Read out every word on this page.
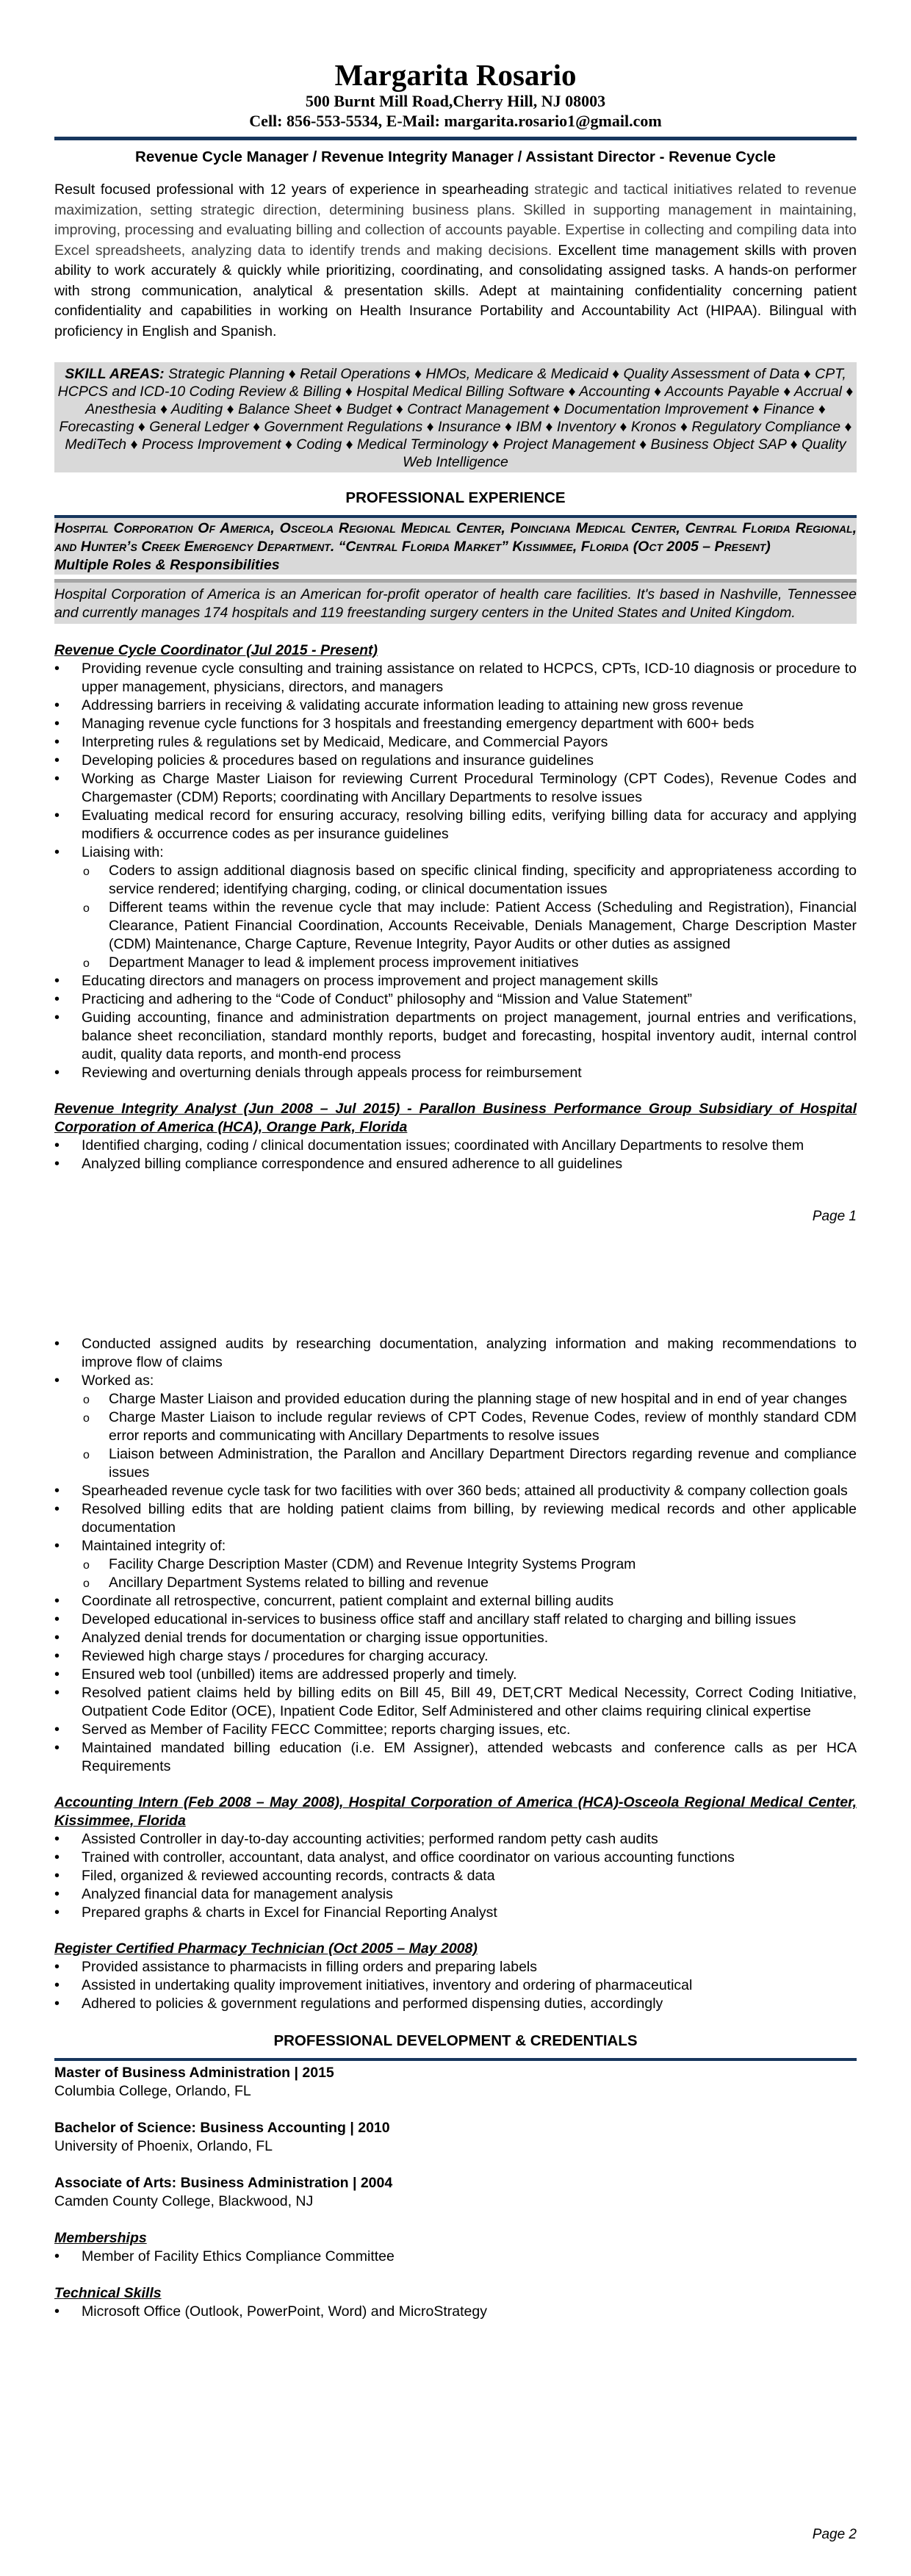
Margarita Rosario
500 Burnt Mill Road,Cherry Hill, NJ 08003
Cell: 856-553-5534, E-Mail: margarita.rosario1@gmail.com
Revenue Cycle Manager / Revenue Integrity Manager / Assistant Director - Revenue Cycle

Result focused professional with 12 years of experience in spearheading strategic and tactical initiatives related to revenue maximization, setting strategic direction, determining business plans. Skilled in supporting management in maintaining, improving, processing and evaluating billing and collection of accounts payable. Expertise in collecting and compiling data into Excel spreadsheets, analyzing data to identify trends and making decisions. Excellent time management skills with proven ability to work accurately & quickly while prioritizing, coordinating, and consolidating assigned tasks. A hands-on performer with strong communication, analytical & presentation skills. Adept at maintaining confidentiality concerning patient confidentiality and capabilities in working on Health Insurance Portability and Accountability Act (HIPAA). Bilingual with proficiency in English and Spanish.

SKILL AREAS: Strategic Planning ♦ Retail Operations ♦ HMOs, Medicare & Medicaid ♦ Quality Assessment of Data ♦ CPT, HCPCS and ICD-10 Coding Review & Billing ♦ Hospital Medical Billing Software ♦ Accounting ♦ Accounts Payable ♦ Accrual ♦ Anesthesia ♦ Auditing ♦ Balance Sheet ♦ Budget ♦ Contract Management ♦ Documentation Improvement ♦ Finance ♦ Forecasting ♦ General Ledger ♦ Government Regulations ♦ Insurance ♦ IBM ♦ Inventory ♦ Kronos ♦ Regulatory Compliance ♦ MediTech ♦ Process Improvement ♦ Coding ♦ Medical Terminology ♦ Project Management ♦ Business Object SAP ♦ Quality Web Intelligence
PROFESSIONAL EXPERIENCE
Hospital Corporation Of America, Osceola Regional Medical Center, Poinciana Medical Center, Central Florida Regional, and Hunter’s Creek Emergency Department. “Central Florida Market” Kissimmee, Florida (Oct 2005 – Present)
Multiple Roles & Responsibilities
Hospital Corporation of America is an American for-profit operator of health care facilities. It's based in Nashville, Tennessee and currently manages 174 hospitals and 119 freestanding surgery centers in the United States and United Kingdom.
Revenue Cycle Coordinator (Jul 2015 - Present)
• Providing revenue cycle consulting and training assistance on related to HCPCS, CPTs, ICD-10 diagnosis or procedure to upper management, physicians, directors, and managers
• Addressing barriers in receiving & validating accurate information leading to attaining new gross revenue
• Managing revenue cycle functions for 3 hospitals and freestanding emergency department with 600+ beds
• Interpreting rules & regulations set by Medicaid, Medicare, and Commercial Payors
• Developing policies & procedures based on regulations and insurance guidelines
• Working as Charge Master Liaison for reviewing Current Procedural Terminology (CPT Codes), Revenue Codes and Chargemaster (CDM) Reports; coordinating with Ancillary Departments to resolve issues
• Evaluating medical record for ensuring accuracy, resolving billing edits, verifying billing data for accuracy and applying modifiers & occurrence codes as per insurance guidelines
• Liaising with:
o Coders to assign additional diagnosis based on specific clinical finding, specificity and appropriateness according to service rendered; identifying charging, coding, or clinical documentation issues
o Different teams within the revenue cycle that may include: Patient Access (Scheduling and Registration), Financial Clearance, Patient Financial Coordination, Accounts Receivable, Denials Management, Charge Description Master (CDM) Maintenance, Charge Capture, Revenue Integrity, Payor Audits or other duties as assigned
o Department Manager to lead & implement process improvement initiatives
• Educating directors and managers on process improvement and project management skills
• Practicing and adhering to the “Code of Conduct” philosophy and “Mission and Value Statement”
• Guiding accounting, finance and administration departments on project management, journal entries and verifications, balance sheet reconciliation, standard monthly reports, budget and forecasting, hospital inventory audit, internal control audit, quality data reports, and month-end process
• Reviewing and overturning denials through appeals process for reimbursement
Revenue Integrity Analyst (Jun 2008 – Jul 2015) - Parallon Business Performance Group Subsidiary of Hospital Corporation of America (HCA), Orange Park, Florida
• Identified charging, coding / clinical documentation issues; coordinated with Ancillary Departments to resolve them
• Analyzed billing compliance correspondence and ensured adherence to all guidelines
Page 1
• Conducted assigned audits by researching documentation, analyzing information and making recommendations to improve flow of claims
• Worked as:
o Charge Master Liaison and provided education during the planning stage of new hospital and in end of year changes
o Charge Master Liaison to include regular reviews of CPT Codes, Revenue Codes, review of monthly standard CDM error reports and communicating with Ancillary Departments to resolve issues
o Liaison between Administration, the Parallon and Ancillary Department Directors regarding revenue and compliance issues
• Spearheaded revenue cycle task for two facilities with over 360 beds; attained all productivity & company collection goals
• Resolved billing edits that are holding patient claims from billing, by reviewing medical records and other applicable documentation
• Maintained integrity of:
o Facility Charge Description Master (CDM) and Revenue Integrity Systems Program
o Ancillary Department Systems related to billing and revenue
• Coordinate all retrospective, concurrent, patient complaint and external billing audits
• Developed educational in-services to business office staff and ancillary staff related to charging and billing issues
• Analyzed denial trends for documentation or charging issue opportunities.
• Reviewed high charge stays / procedures for charging accuracy.
• Ensured web tool (unbilled) items are addressed properly and timely.
• Resolved patient claims held by billing edits on Bill 45, Bill 49, DET,CRT Medical Necessity, Correct Coding Initiative, Outpatient Code Editor (OCE), Inpatient Code Editor, Self Administered and other claims requiring clinical expertise
• Served as Member of Facility FECC Committee; reports charging issues, etc.
• Maintained mandated billing education (i.e. EM Assigner), attended webcasts and conference calls as per HCA Requirements
Accounting Intern (Feb 2008 – May 2008), Hospital Corporation of America (HCA)-Osceola Regional Medical Center, Kissimmee, Florida
• Assisted Controller in day-to-day accounting activities; performed random petty cash audits
• Trained with controller, accountant, data analyst, and office coordinator on various accounting functions
• Filed, organized & reviewed accounting records, contracts & data
• Analyzed financial data for management analysis
• Prepared graphs & charts in Excel for Financial Reporting Analyst
Register Certified Pharmacy Technician (Oct 2005 – May 2008)
• Provided assistance to pharmacists in filling orders and preparing labels
• Assisted in undertaking quality improvement initiatives, inventory and ordering of pharmaceutical
• Adhered to policies & government regulations and performed dispensing duties, accordingly
PROFESSIONAL DEVELOPMENT & CREDENTIALS
Master of Business Administration | 2015
Columbia College, Orlando, FL
Bachelor of Science: Business Accounting | 2010
University of Phoenix, Orlando, FL
Associate of Arts: Business Administration | 2004
Camden County College, Blackwood, NJ
Memberships
• Member of Facility Ethics Compliance Committee
Technical Skills
• Microsoft Office (Outlook, PowerPoint, Word) and MicroStrategy
Page 2
